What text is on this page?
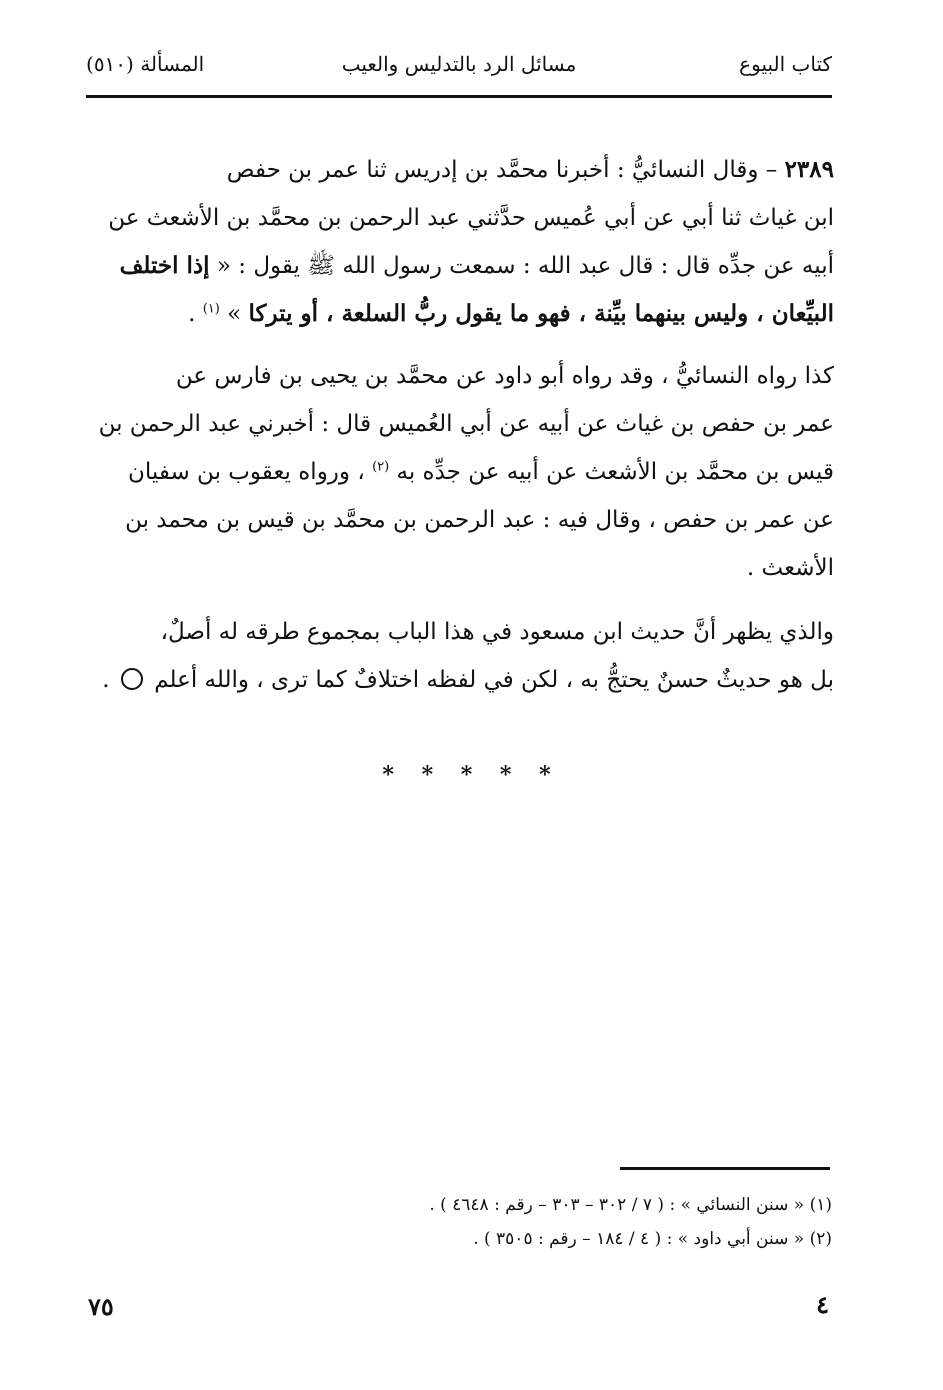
كتاب البيوع
مسائل الرد بالتدليس والعيب
المسألة (٥١٠)
٢٣٨٩ – وقال النسائيُّ : أخبرنا محمَّد بن إدريس ثنا عمر بن حفص
ابن غياث ثنا أبي عن أبي عُميس حدَّثني عبد الرحمن بن محمَّد بن الأشعث عن
أبيه عن جدِّه قال : قال عبد الله : سمعت رسول الله ﷺ يقول : « إذا اختلف
البيِّعان ، وليس بينهما بيِّنة ، فهو ما يقول ربُّ السلعة ، أو يتركا » $^{(١)}$ .
كذا رواه النسائيُّ ، وقد رواه أبو داود عن محمَّد بن يحيى بن فارس عن
عمر بن حفص بن غياث عن أبيه عن أبي العُميس قال : أخبرني عبد الرحمن بن
قيس بن محمَّد بن الأشعث عن أبيه عن جدِّه به $^{(٢)}$ ، ورواه يعقوب بن سفيان
عن عمر بن حفص ، وقال فيه : عبد الرحمن بن محمَّد بن قيس بن محمد بن
الأشعث .
والذي يظهر أنَّ حديث ابن مسعود في هذا الباب بمجموع طرقه له أصلٌ،
بل هو حديثٌ حسنٌ يحتجُّ به ، لكن في لفظه اختلافٌ كما ترى ، والله أعلم  .
* * * * *
(١) « سنن النسائي » : ( ٧ / ٣٠٢ – ٣٠٣ – رقم : ٤٦٤٨ ) .
(٢) « سنن أبي داود » : ( ٤ / ١٨٤ – رقم : ٣٥٠٥ ) .
٧٥	٤
